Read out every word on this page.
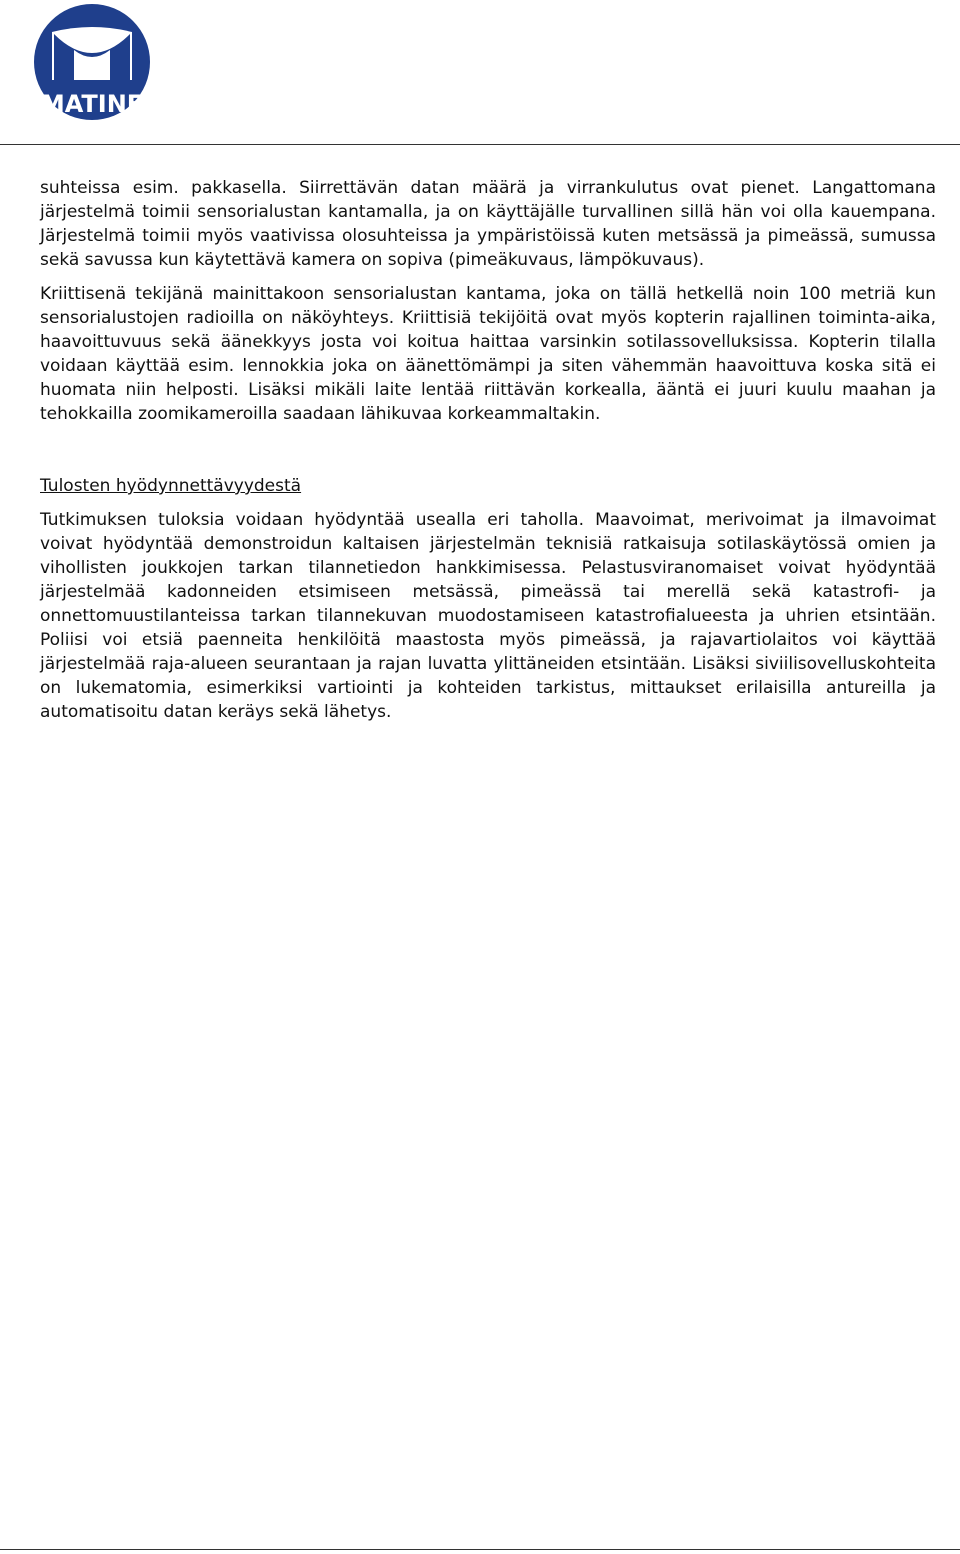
MATINE

suhteissa esim. pakkasella. Siirrettävän datan määrä ja virrankulutus ovat pienet. Langattomana järjestelmä toimii sensorialustan kantamalla, ja on käyttäjälle turvallinen sillä hän voi olla kauempana. Järjestelmä toimii myös vaativissa olosuhteissa ja ympäristöissä kuten metsässä ja pimeässä, sumussa sekä savussa kun käytettävä kamera on sopiva (pimeäkuvaus, lämpökuvaus).

Kriittisenä tekijänä mainittakoon sensorialustan kantama, joka on tällä hetkellä noin 100 metriä kun sensorialustojen radioilla on näköyhteys. Kriittisiä tekijöitä ovat myös kopterin rajallinen toiminta-aika, haavoittuvuus sekä äänekkyys josta voi koitua haittaa varsinkin sotilassovelluksissa. Kopterin tilalla voidaan käyttää esim. lennokkia joka on äänettömämpi ja siten vähemmän haavoittuva koska sitä ei huomata niin helposti. Lisäksi mikäli laite lentää riittävän korkealla, ääntä ei juuri kuulu maahan ja tehokkailla zoomikameroilla saadaan lähikuvaa korkeammaltakin.

Tulosten hyödynnettävyydestä

Tutkimuksen tuloksia voidaan hyödyntää usealla eri taholla. Maavoimat, merivoimat ja ilmavoimat voivat hyödyntää demonstroidun kaltaisen järjestelmän teknisiä ratkaisuja sotilaskäytössä omien ja vihollisten joukkojen tarkan tilannetiedon hankkimisessa. Pelastusviranomaiset voivat hyödyntää järjestelmää kadonneiden etsimiseen metsässä, pimeässä tai merellä sekä katastrofi- ja onnettomuustilanteissa tarkan tilannekuvan muodostamiseen katastrofialueesta ja uhrien etsintään. Poliisi voi etsiä paenneita henkilöitä maastosta myös pimeässä, ja rajavartiolaitos voi käyttää järjestelmää raja-alueen seurantaan ja rajan luvatta ylittäneiden etsintään. Lisäksi siviilisovelluskohteita on lukematomia, esimerkiksi vartiointi ja kohteiden tarkistus, mittaukset erilaisilla antureilla ja automatisoitu datan keräys sekä lähetys.
